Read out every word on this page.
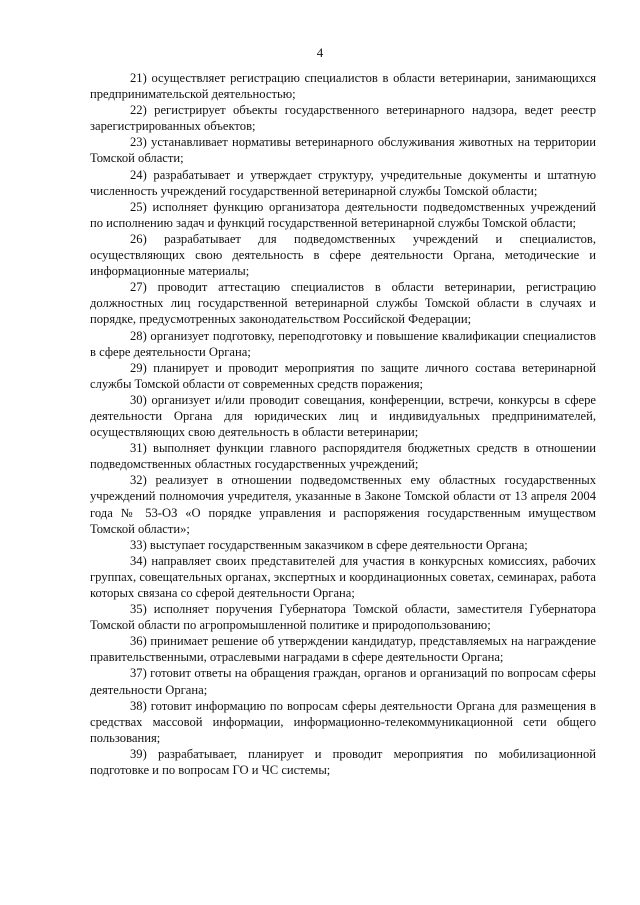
4

21) осуществляет регистрацию специалистов в области ветеринарии, занимающихся предпринимательской деятельностью;

22) регистрирует объекты государственного ветеринарного надзора, ведет реестр зарегистрированных объектов;

23) устанавливает нормативы ветеринарного обслуживания животных на территории Томской области;

24) разрабатывает и утверждает структуру, учредительные документы и штатную численность учреждений государственной ветеринарной службы Томской области;

25) исполняет функцию организатора деятельности подведомственных учреждений по исполнению задач и функций государственной ветеринарной службы Томской области;

26) разрабатывает для подведомственных учреждений и специалистов, осуществляющих свою деятельность в сфере деятельности Органа, методические и информационные материалы;

27) проводит аттестацию специалистов в области ветеринарии, регистрацию должностных лиц государственной ветеринарной службы Томской области в случаях и порядке, предусмотренных законодательством Российской Федерации;

28) организует подготовку, переподготовку и повышение квалификации специалистов в сфере деятельности Органа;

29) планирует и проводит мероприятия по защите личного состава ветеринарной службы Томской области от современных средств поражения;

30) организует и/или проводит совещания, конференции, встречи, конкурсы в сфере деятельности Органа для юридических лиц и индивидуальных предпринимателей, осуществляющих свою деятельность в области ветеринарии;

31) выполняет функции главного распорядителя бюджетных средств в отношении подведомственных областных государственных учреждений;

32) реализует в отношении подведомственных ему областных государственных учреждений полномочия учредителя, указанные в Законе Томской области от 13 апреля 2004 года № 53-ОЗ «О порядке управления и распоряжения государственным имуществом Томской области»;

33) выступает государственным заказчиком в сфере деятельности Органа;

34) направляет своих представителей для участия в конкурсных комиссиях, рабочих группах, совещательных органах, экспертных и координационных советах, семинарах, работа которых связана со сферой деятельности Органа;

35) исполняет поручения Губернатора Томской области, заместителя Губернатора Томской области по агропромышленной политике и природопользованию;

36) принимает решение об утверждении кандидатур, представляемых на награждение правительственными, отраслевыми наградами в сфере деятельности Органа;

37) готовит ответы на обращения граждан, органов и организаций по вопросам сферы деятельности Органа;

38) готовит информацию по вопросам сферы деятельности Органа для размещения в средствах массовой информации, информационно-телекоммуникационной сети общего пользования;

39) разрабатывает, планирует и проводит мероприятия по мобилизационной подготовке и по вопросам ГО и ЧС системы;
